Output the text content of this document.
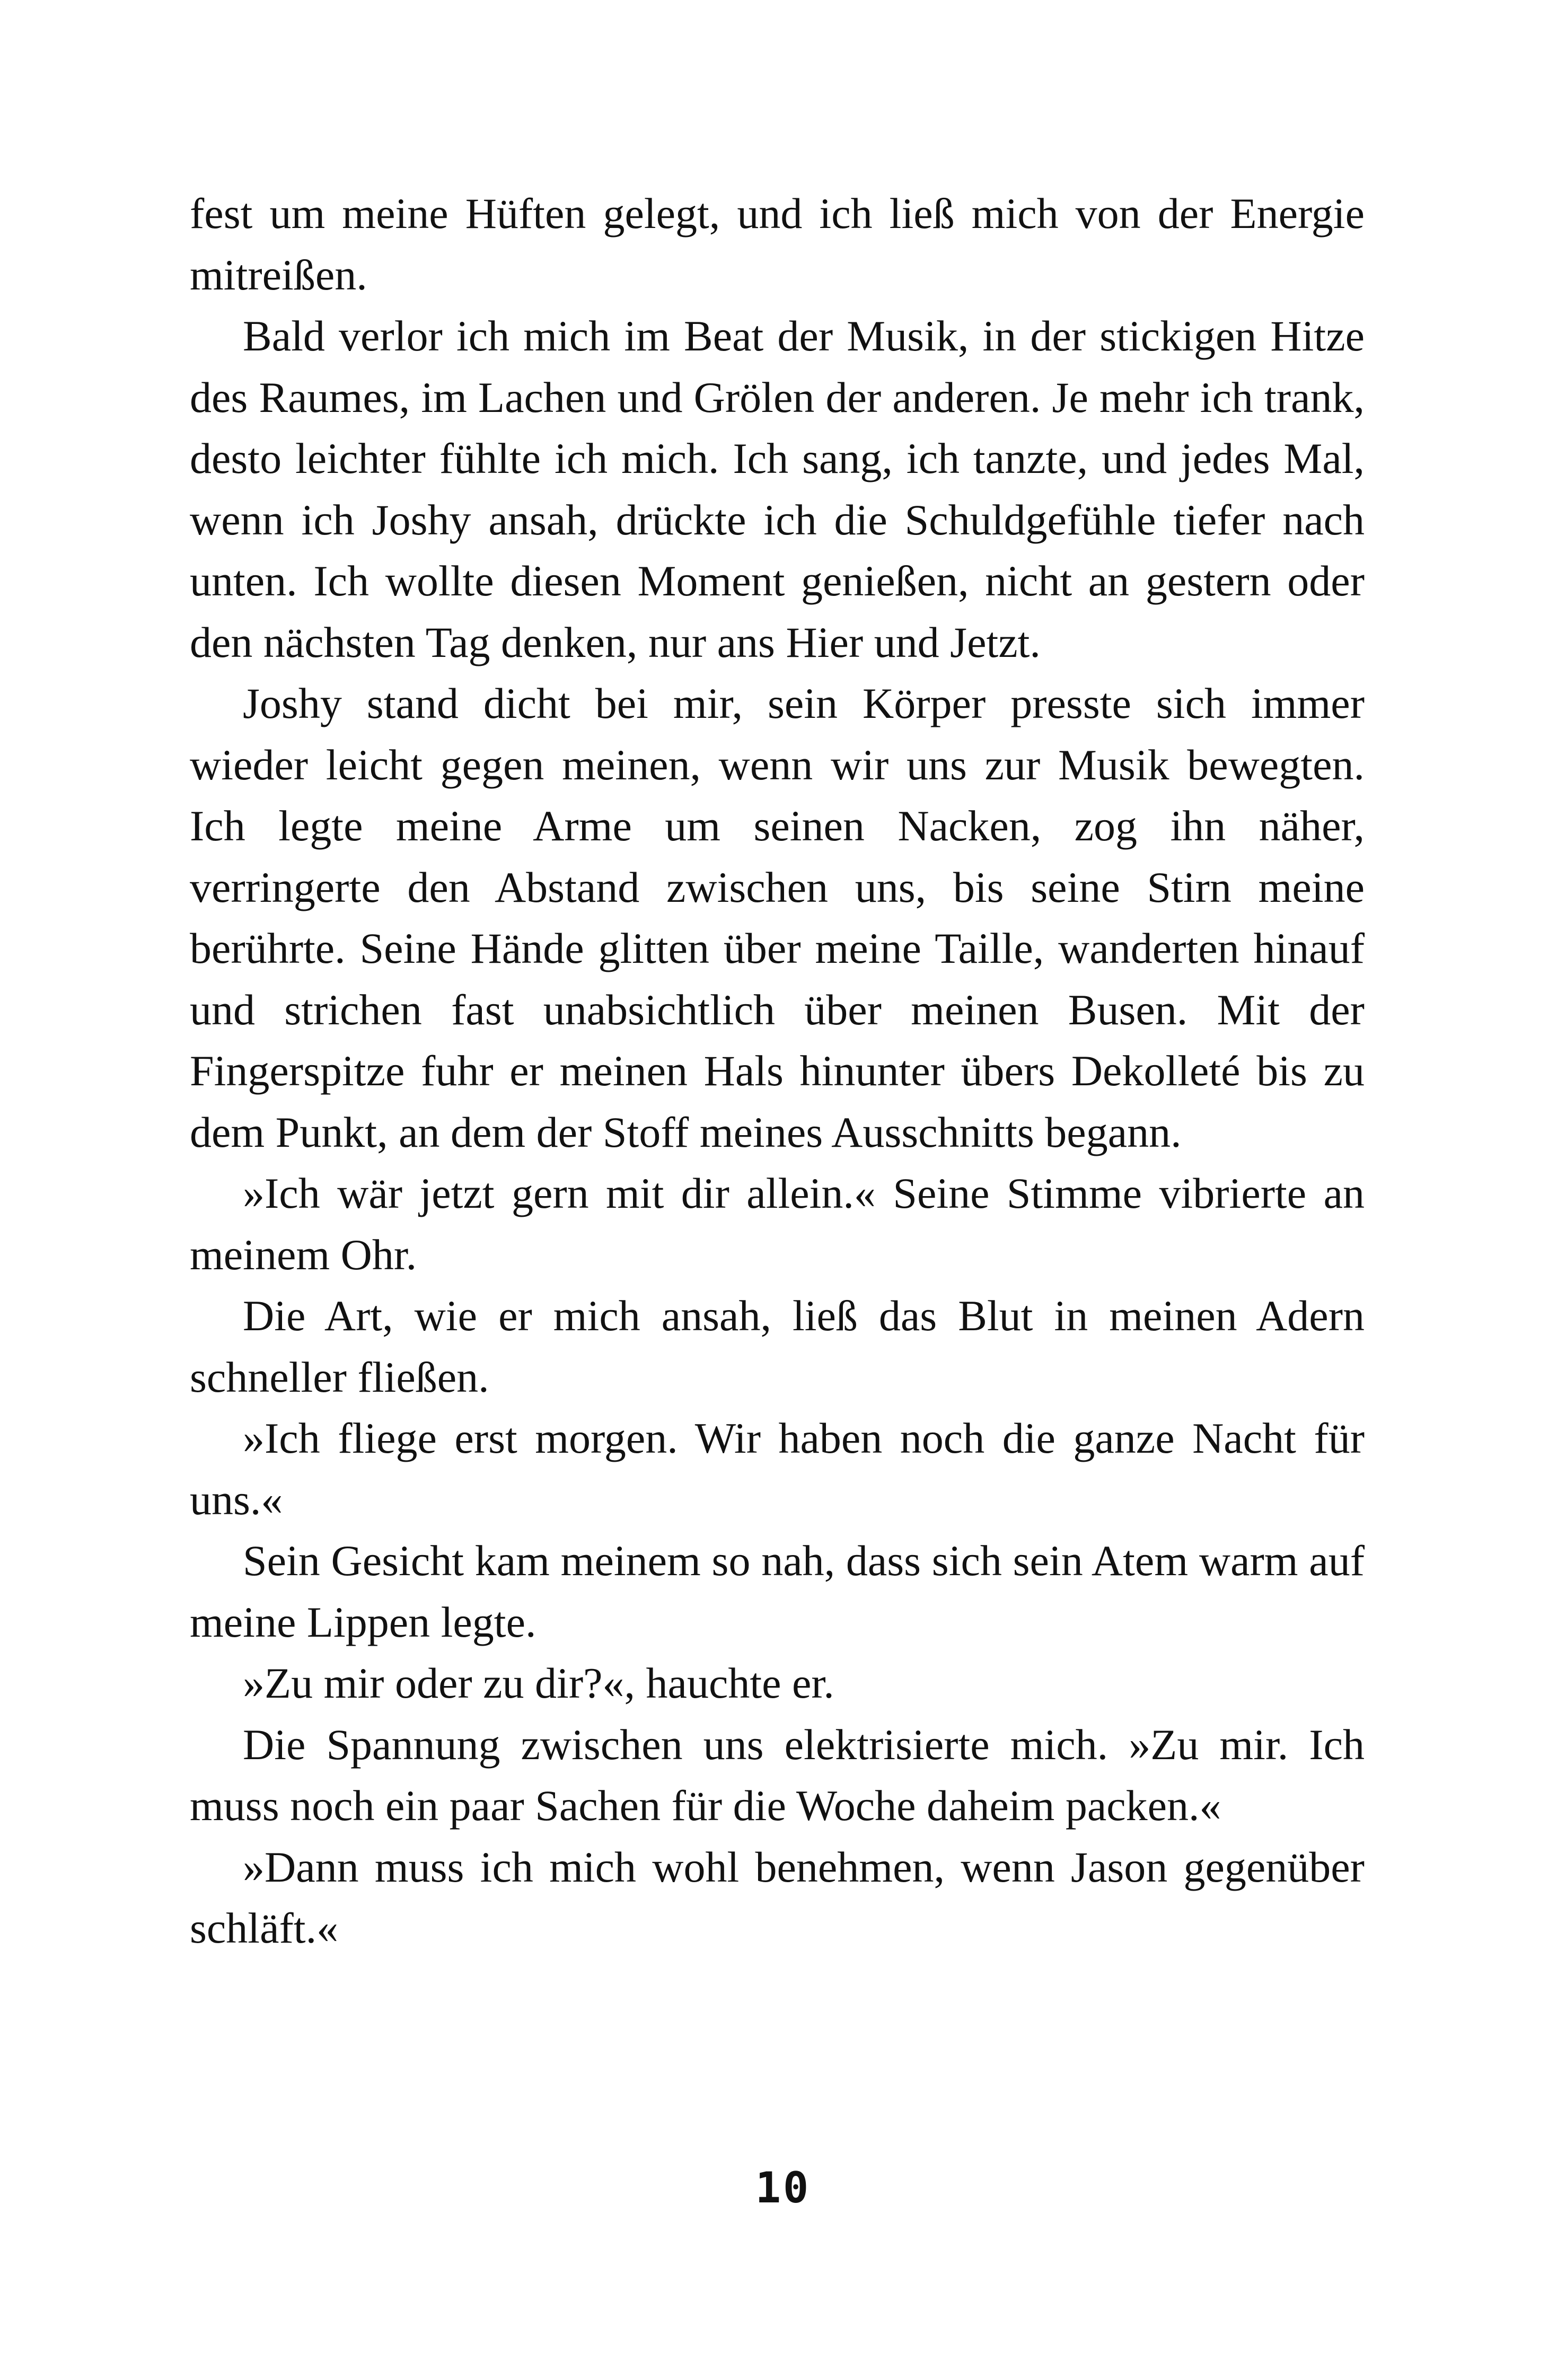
fest um meine Hüften gelegt, und ich ließ mich von der Energie mitreißen.

Bald verlor ich mich im Beat der Musik, in der stickigen Hitze des Raumes, im Lachen und Grölen der anderen. Je mehr ich trank, desto leichter fühlte ich mich. Ich sang, ich tanzte, und jedes Mal, wenn ich Joshy ansah, drückte ich die Schuldgefühle tiefer nach unten. Ich wollte diesen Moment genießen, nicht an gestern oder den nächsten Tag denken, nur ans Hier und Jetzt.

Joshy stand dicht bei mir, sein Körper presste sich immer wieder leicht gegen meinen, wenn wir uns zur Musik bewegten. Ich legte meine Arme um seinen Nacken, zog ihn näher, verringerte den Abstand zwischen uns, bis seine Stirn meine berührte. Seine Hände glitten über meine Taille, wanderten hinauf und strichen fast unabsichtlich über meinen Busen. Mit der Fingerspitze fuhr er meinen Hals hinunter übers Dekolleté bis zu dem Punkt, an dem der Stoff meines Ausschnitts begann.

»Ich wär jetzt gern mit dir allein.« Seine Stimme vibrierte an meinem Ohr.

Die Art, wie er mich ansah, ließ das Blut in meinen Adern schneller fließen.

»Ich fliege erst morgen. Wir haben noch die ganze Nacht für uns.«

Sein Gesicht kam meinem so nah, dass sich sein Atem warm auf meine Lippen legte.

»Zu mir oder zu dir?«, hauchte er.

Die Spannung zwischen uns elektrisierte mich. »Zu mir. Ich muss noch ein paar Sachen für die Woche daheim packen.«

»Dann muss ich mich wohl benehmen, wenn Jason gegenüber schläft.«

10
